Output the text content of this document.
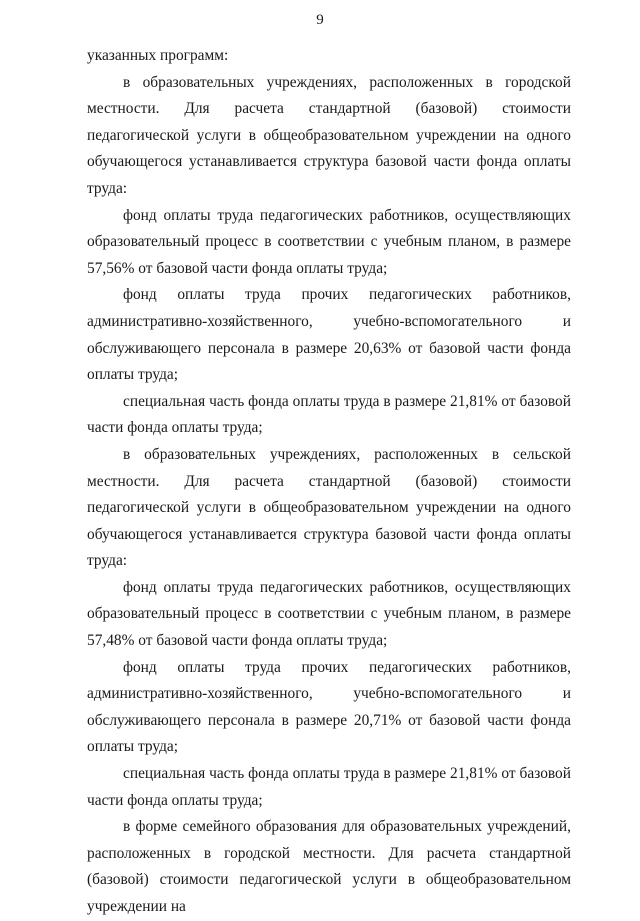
9

указанных программ:

в образовательных учреждениях, расположенных в городской местности. Для расчета стандартной (базовой) стоимости педагогической услуги в общеобразовательном учреждении на одного обучающегося устанавливается структура базовой части фонда оплаты труда:

фонд оплаты труда педагогических работников, осуществляющих образовательный процесс в соответствии с учебным планом, в размере 57,56% от базовой части фонда оплаты труда;

фонд оплаты труда прочих педагогических работников, административно-хозяйственного, учебно-вспомогательного и обслуживающего персонала в размере 20,63% от базовой части фонда оплаты труда;

специальная часть фонда оплаты труда в размере 21,81% от базовой части фонда оплаты труда;

в образовательных учреждениях, расположенных в сельской местности. Для расчета стандартной (базовой) стоимости педагогической услуги в общеобразовательном учреждении на одного обучающегося устанавливается структура базовой части фонда оплаты труда:

фонд оплаты труда педагогических работников, осуществляющих образовательный процесс в соответствии с учебным планом, в размере 57,48% от базовой части фонда оплаты труда;

фонд оплаты труда прочих педагогических работников, административно-хозяйственного, учебно-вспомогательного и обслуживающего персонала в размере 20,71% от базовой части фонда оплаты труда;

специальная часть фонда оплаты труда в размере 21,81% от базовой части фонда оплаты труда;

в форме семейного образования для образовательных учреждений, расположенных в городской местности. Для расчета стандартной (базовой) стоимости педагогической услуги в общеобразовательном учреждении на
